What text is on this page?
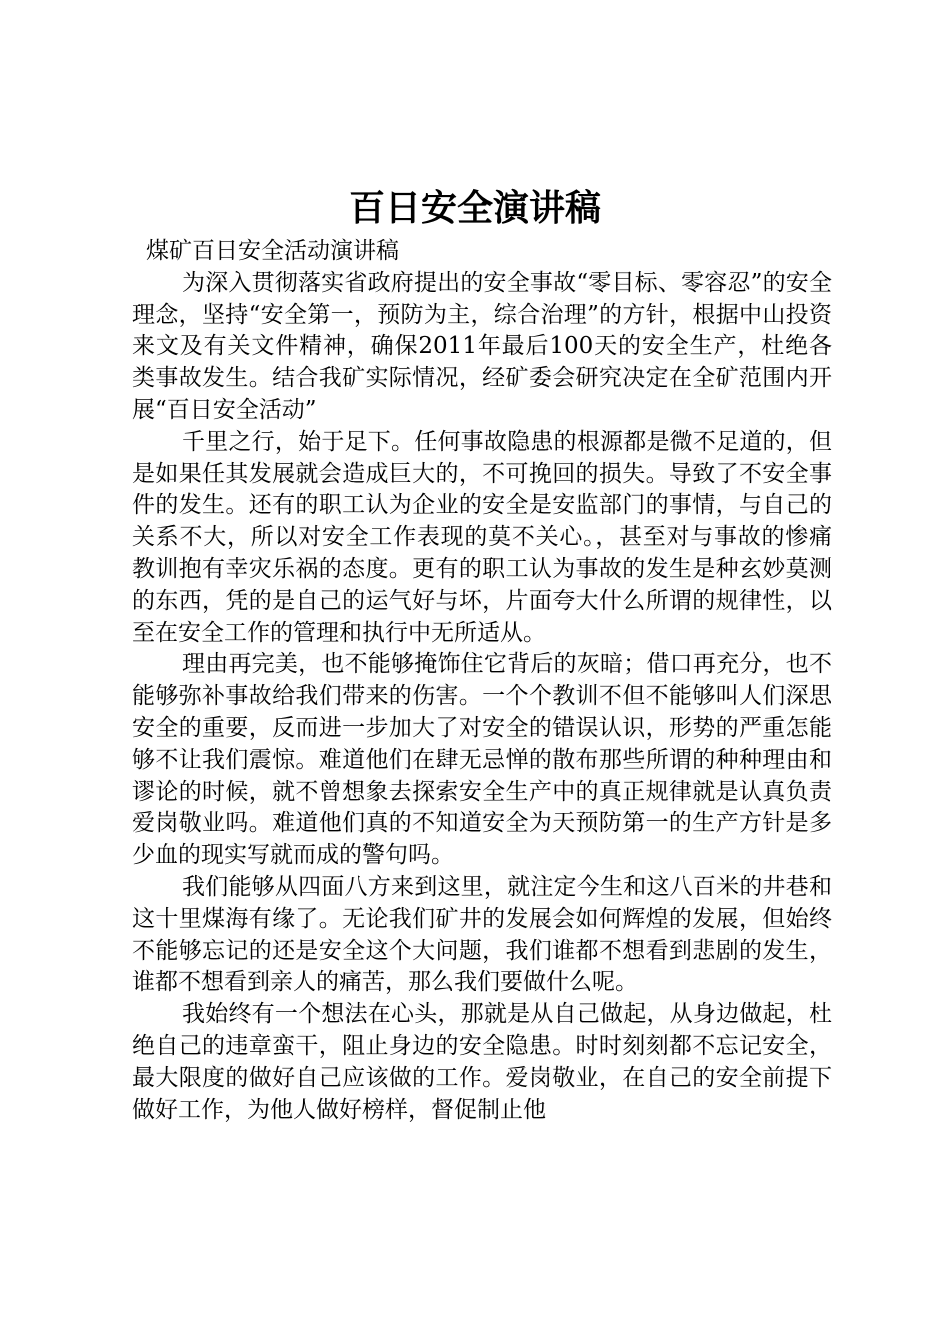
百日安全演讲稿

煤矿百日安全活动演讲稿

为深入贯彻落实省政府提出的安全事故“零目标、零容忍”的安全理念，坚持“安全第一，预防为主，综合治理”的方针，根据中山投资来文及有关文件精神，确保2011年最后100天的安全生产，杜绝各类事故发生。结合我矿实际情况，经矿委会研究决定在全矿范围内开展“百日安全活动”

千里之行，始于足下。任何事故隐患的根源都是微不足道的，但是如果任其发展就会造成巨大的，不可挽回的损失。导致了不安全事件的发生。还有的职工认为企业的安全是安监部门的事情，与自己的关系不大，所以对安全工作表现的莫不关心。，甚至对与事故的惨痛教训抱有幸灾乐祸的态度。更有的职工认为事故的发生是种玄妙莫测的东西，凭的是自己的运气好与坏，片面夸大什么所谓的规律性，以至在安全工作的管理和执行中无所适从。

理由再完美，也不能够掩饰住它背后的灰暗；借口再充分，也不能够弥补事故给我们带来的伤害。一个个教训不但不能够叫人们深思安全的重要，反而进一步加大了对安全的错误认识，形势的严重怎能够不让我们震惊。难道他们在肆无忌惮的散布那些所谓的种种理由和谬论的时候，就不曾想象去探索安全生产中的真正规律就是认真负责爱岗敬业吗。难道他们真的不知道安全为天预防第一的生产方针是多少血的现实写就而成的警句吗。

我们能够从四面八方来到这里，就注定今生和这八百米的井巷和这十里煤海有缘了。无论我们矿井的发展会如何辉煌的发展，但始终不能够忘记的还是安全这个大问题，我们谁都不想看到悲剧的发生，谁都不想看到亲人的痛苦，那么我们要做什么呢。

我始终有一个想法在心头，那就是从自己做起，从身边做起，杜绝自己的违章蛮干，阻止身边的安全隐患。时时刻刻都不忘记安全，最大限度的做好自己应该做的工作。爱岗敬业，在自己的安全前提下做好工作，为他人做好榜样，督促制止他
